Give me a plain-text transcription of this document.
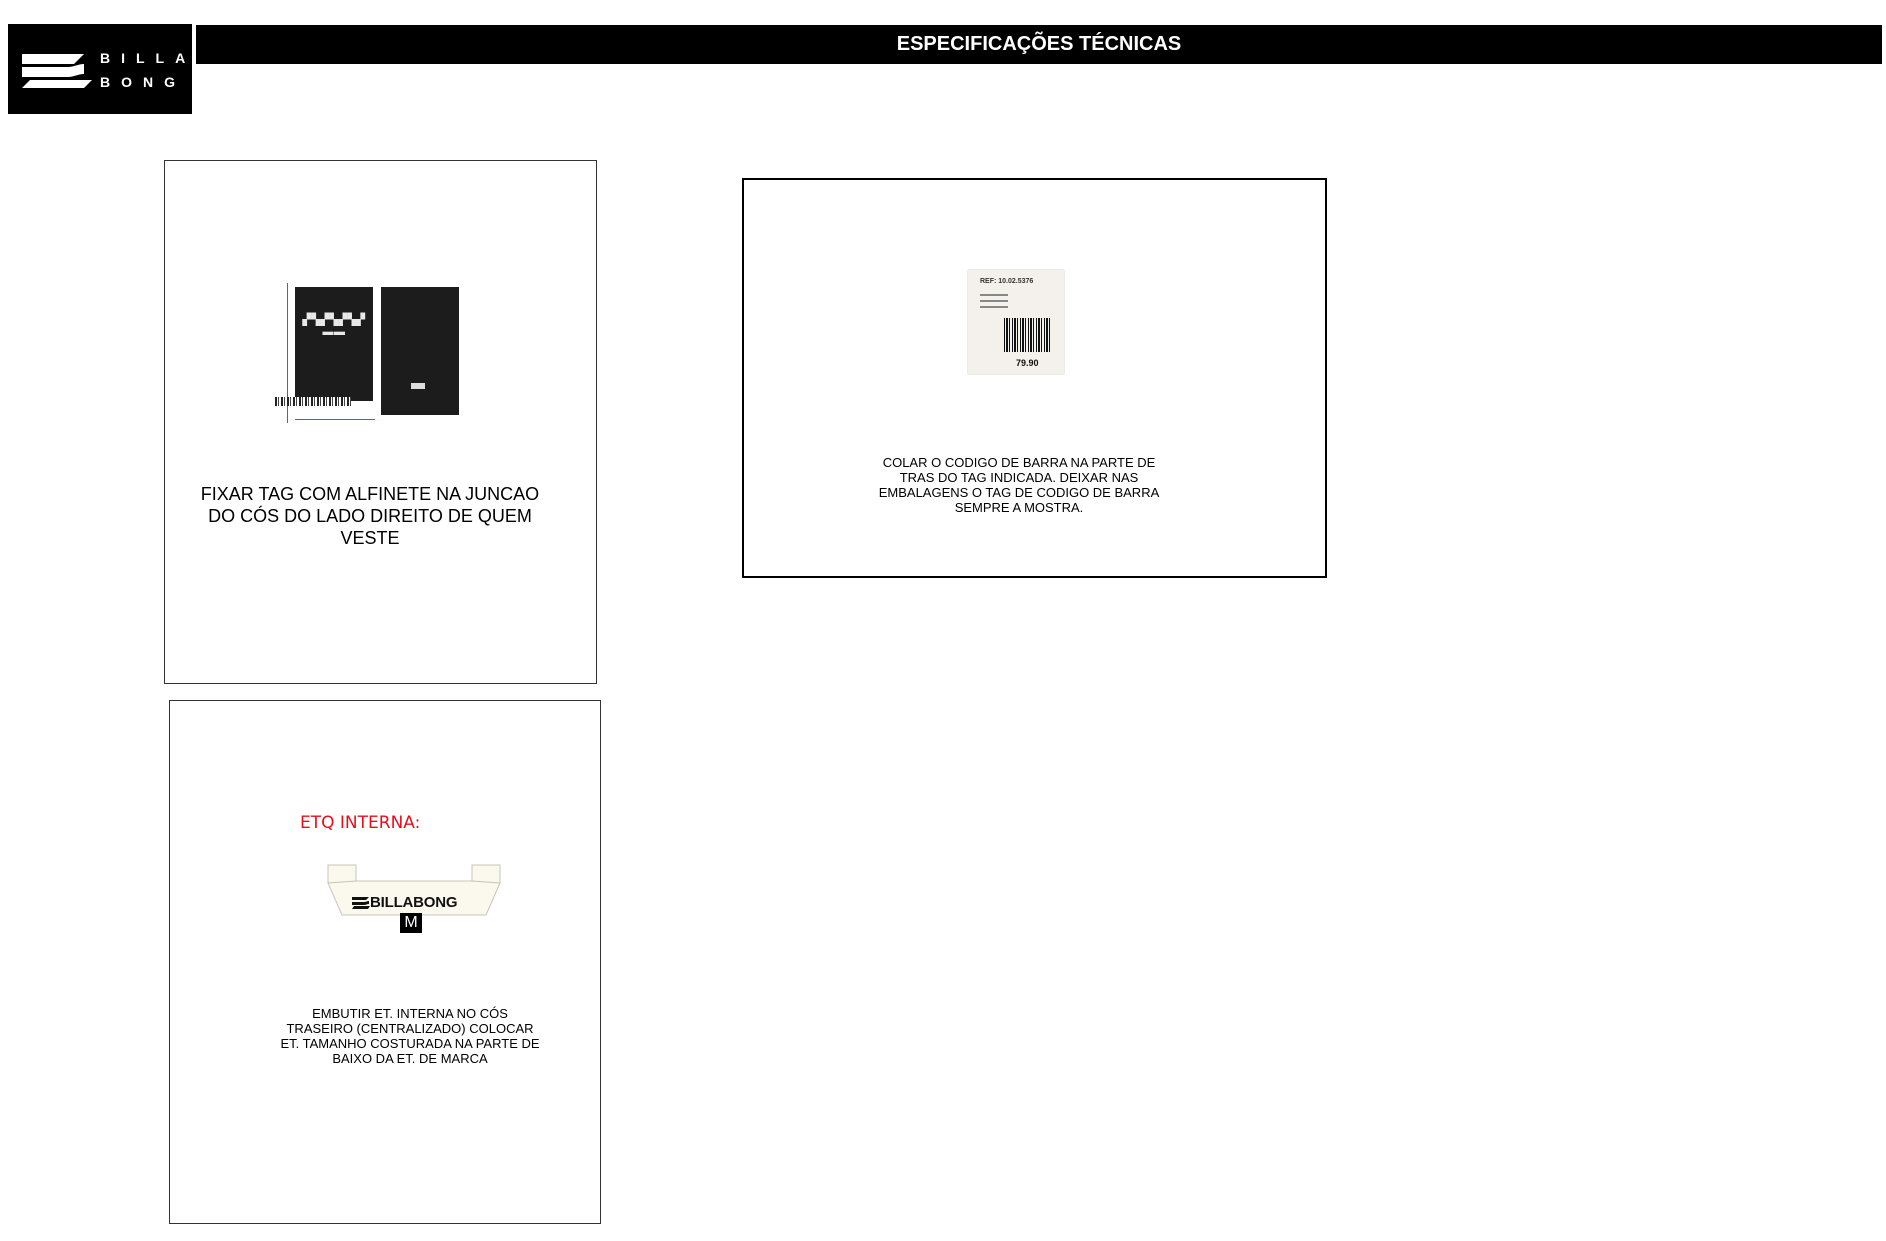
BILLA
BONG
ESPECIFICAÇÕES TÉCNICAS
▞▚▞▚▞▚▞
▬▬
FIXAR TAG COM ALFINETE NA JUNCAO DO CÓS DO LADO DIREITO DE QUEM VESTE
REF: 10.02.5376
79.90
COLAR O CODIGO DE BARRA NA PARTE DE TRAS DO TAG INDICADA. DEIXAR NAS EMBALAGENS O TAG DE CODIGO DE BARRA SEMPRE A MOSTRA.
ETQ INTERNA:
BILLABONG
M
EMBUTIR ET. INTERNA NO CÓS TRASEIRO (CENTRALIZADO) COLOCAR ET. TAMANHO COSTURADA NA PARTE DE BAIXO DA ET. DE MARCA
